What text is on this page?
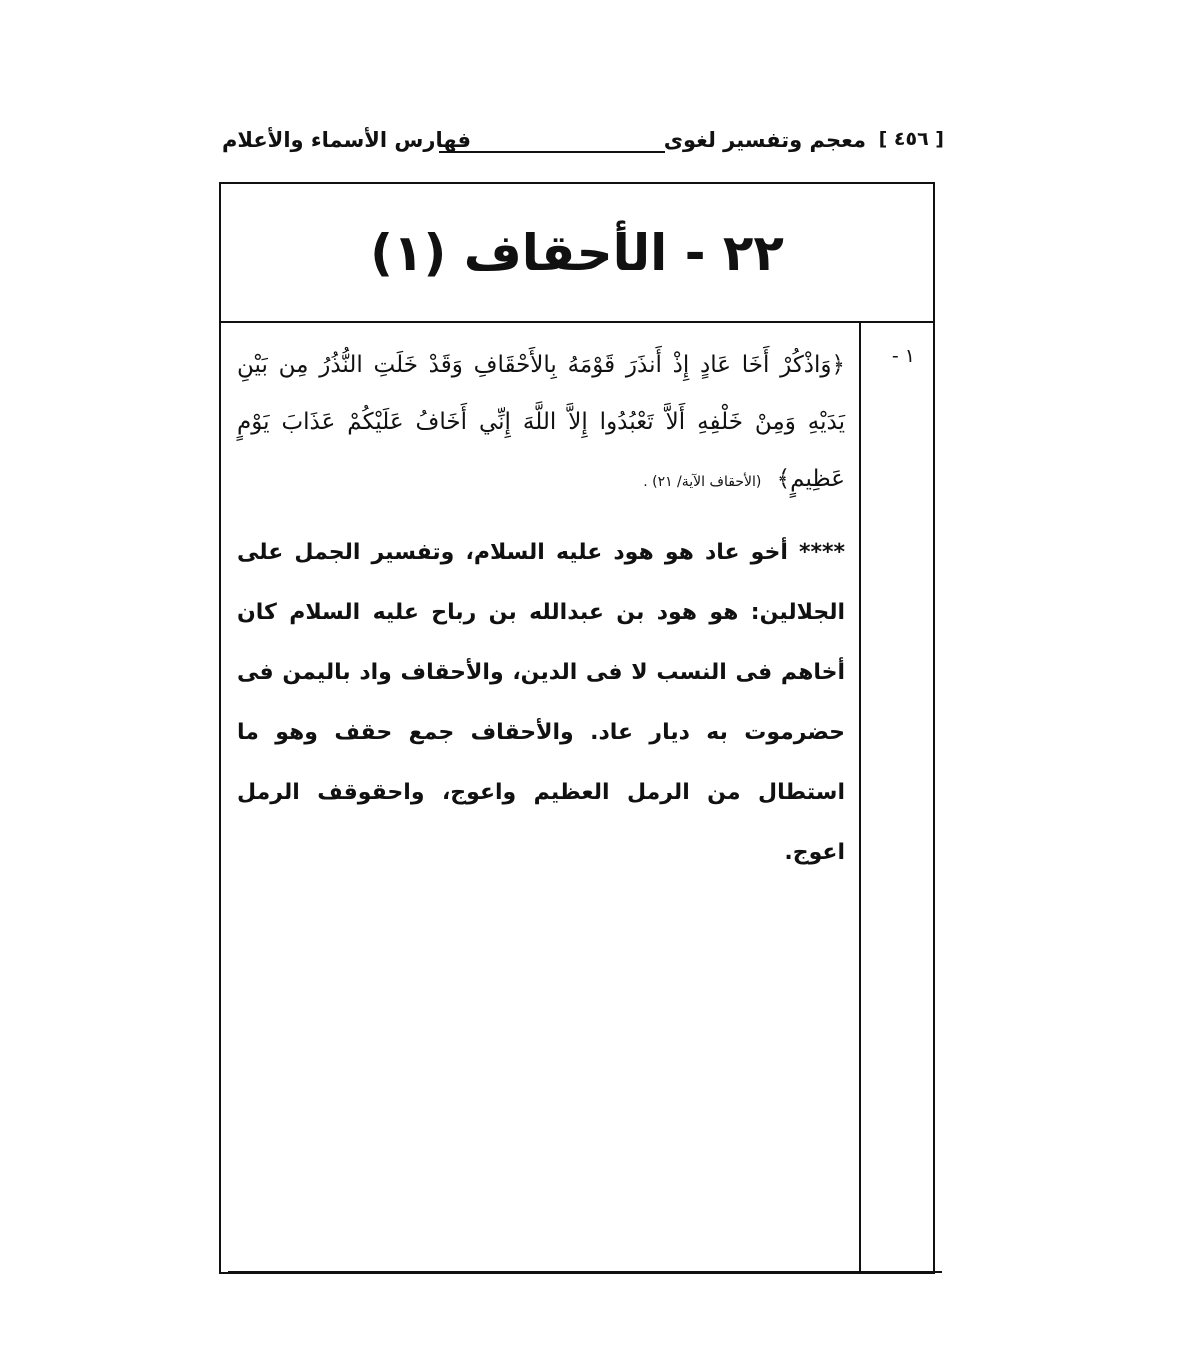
[ ٤٥٦ ]
معجم وتفسير لغوى
فهارس الأسماء والأعلام
٢٢ - الأحقاف (١)
١ -
﴿وَاذْكُرْ أَخَا عَادٍ إِذْ أَنذَرَ قَوْمَهُ بِالأَحْقَافِ وَقَدْ خَلَتِ النُّذُرُ مِن بَيْنِ يَدَيْهِ وَمِنْ خَلْفِهِ أَلاَّ تَعْبُدُوا إِلاَّ اللَّهَ إِنِّي أَخَافُ عَلَيْكُمْ عَذَابَ يَوْمٍ عَظِيمٍ﴾ (الأحقاف الآية/ ٢١) .
**** أخو عاد هو هود عليه السلام، وتفسير الجمل على الجلالين: هو هود بن عبدالله بن رباح عليه السلام كان أخاهم فى النسب لا فى الدين، والأحقاف واد باليمن فى حضرموت به ديار عاد. والأحقاف جمع حقف وهو ما استطال من الرمل العظيم واعوج، واحقوقف الرمل اعوج.
